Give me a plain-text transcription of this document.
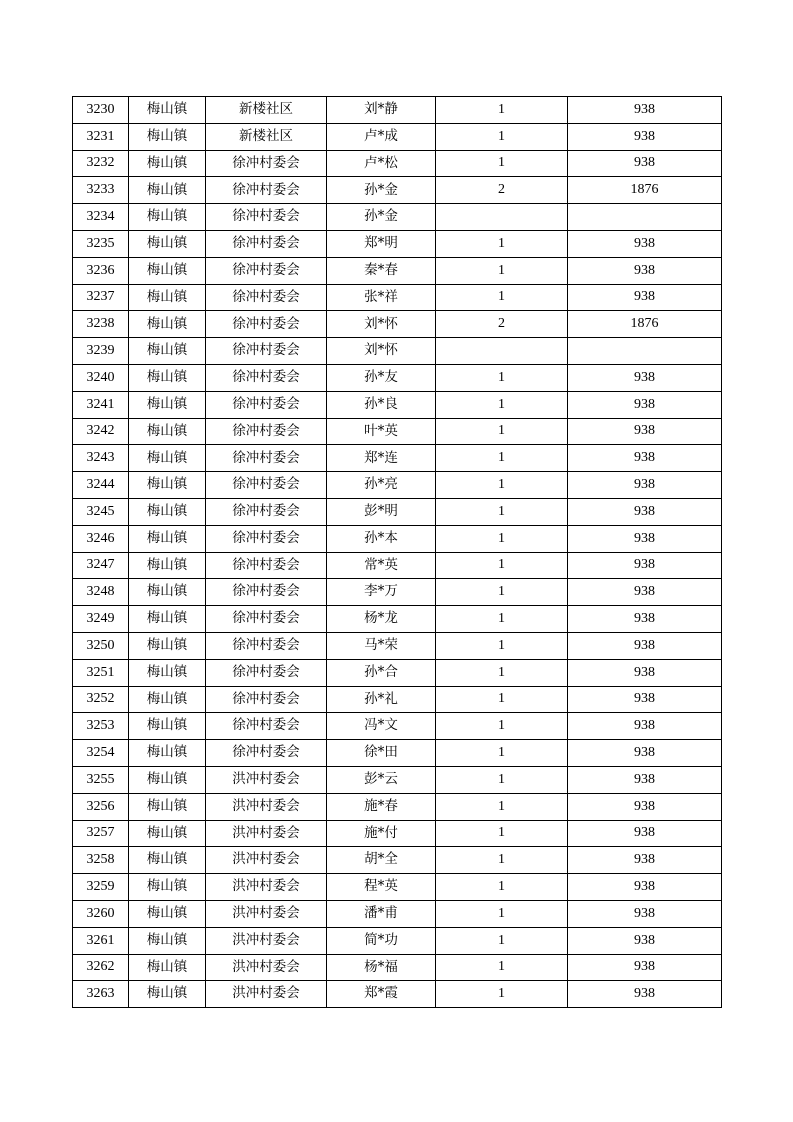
3230	梅山镇	新楼社区	刘*静	1	938
3231	梅山镇	新楼社区	卢*成	1	938
3232	梅山镇	徐冲村委会	卢*松	1	938
3233	梅山镇	徐冲村委会	孙*金	2	1876
3234	梅山镇	徐冲村委会	孙*金		
3235	梅山镇	徐冲村委会	郑*明	1	938
3236	梅山镇	徐冲村委会	秦*春	1	938
3237	梅山镇	徐冲村委会	张*祥	1	938
3238	梅山镇	徐冲村委会	刘*怀	2	1876
3239	梅山镇	徐冲村委会	刘*怀		
3240	梅山镇	徐冲村委会	孙*友	1	938
3241	梅山镇	徐冲村委会	孙*良	1	938
3242	梅山镇	徐冲村委会	叶*英	1	938
3243	梅山镇	徐冲村委会	郑*连	1	938
3244	梅山镇	徐冲村委会	孙*亮	1	938
3245	梅山镇	徐冲村委会	彭*明	1	938
3246	梅山镇	徐冲村委会	孙*本	1	938
3247	梅山镇	徐冲村委会	常*英	1	938
3248	梅山镇	徐冲村委会	李*万	1	938
3249	梅山镇	徐冲村委会	杨*龙	1	938
3250	梅山镇	徐冲村委会	马*荣	1	938
3251	梅山镇	徐冲村委会	孙*合	1	938
3252	梅山镇	徐冲村委会	孙*礼	1	938
3253	梅山镇	徐冲村委会	冯*文	1	938
3254	梅山镇	徐冲村委会	徐*田	1	938
3255	梅山镇	洪冲村委会	彭*云	1	938
3256	梅山镇	洪冲村委会	施*春	1	938
3257	梅山镇	洪冲村委会	施*付	1	938
3258	梅山镇	洪冲村委会	胡*全	1	938
3259	梅山镇	洪冲村委会	程*英	1	938
3260	梅山镇	洪冲村委会	潘*甫	1	938
3261	梅山镇	洪冲村委会	简*功	1	938
3262	梅山镇	洪冲村委会	杨*福	1	938
3263	梅山镇	洪冲村委会	郑*霞	1	938
